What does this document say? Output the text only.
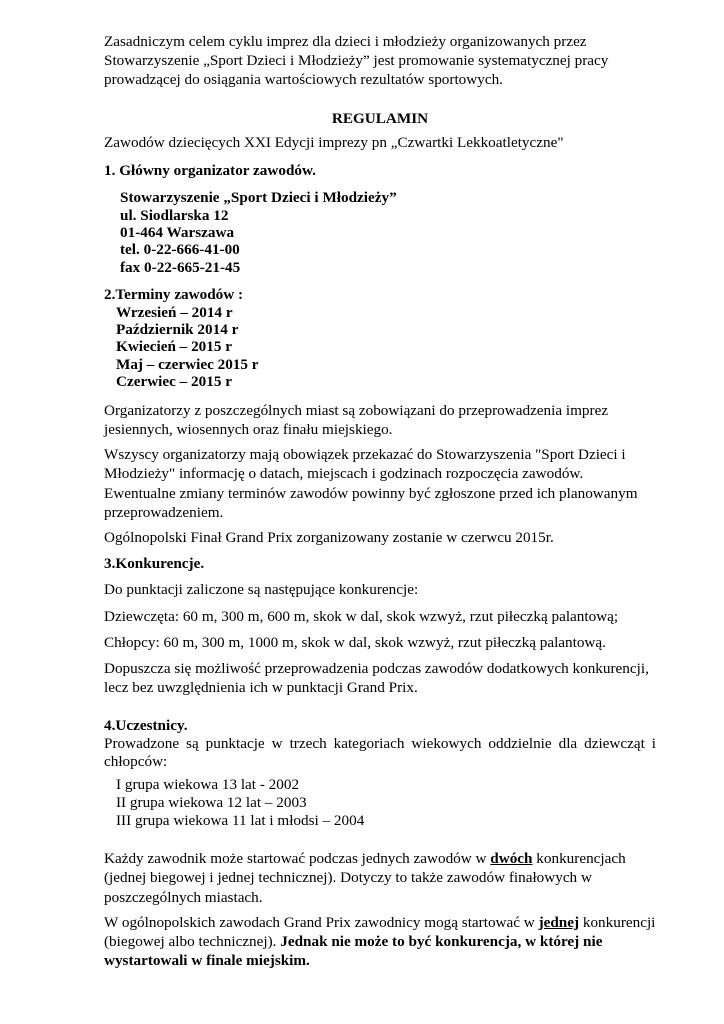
Zasadniczym celem cyklu imprez dla dzieci i młodzieży organizowanych przez Stowarzyszenie „Sport Dzieci i Młodzieży” jest promowanie systematycznej pracy prowadzącej do osiągania wartościowych rezultatów sportowych.

REGULAMIN

Zawodów dziecięcych XXI Edycji imprezy pn „Czwartki Lekkoatletyczne"

1. Główny organizator zawodów.

Stowarzyszenie „Sport Dzieci i Młodzieży”

ul. Siodlarska 12

01-464 Warszawa

tel. 0-22-666-41-00

fax 0-22-665-21-45

2.Terminy zawodów :

Wrzesień – 2014 r

Październik 2014 r

Kwiecień – 2015 r

Maj – czerwiec 2015 r

Czerwiec – 2015 r

Organizatorzy z poszczególnych miast są zobowiązani do przeprowadzenia imprez jesiennych, wiosennych oraz finału miejskiego.

Wszyscy organizatorzy mają obowiązek przekazać do Stowarzyszenia "Sport Dzieci i Młodzieży" informację o datach, miejscach i godzinach rozpoczęcia zawodów. Ewentualne zmiany terminów zawodów powinny być zgłoszone przed ich planowanym przeprowadzeniem.

Ogólnopolski Finał Grand Prix zorganizowany zostanie w czerwcu 2015r.

3.Konkurencje.

Do punktacji zaliczone są następujące konkurencje:

Dziewczęta: 60 m, 300 m, 600 m, skok w dal, skok wzwyż, rzut piłeczką palantową;

Chłopcy: 60 m, 300 m, 1000 m, skok w dal, skok wzwyż, rzut piłeczką palantową.

Dopuszcza się możliwość przeprowadzenia podczas zawodów dodatkowych konkurencji, lecz bez uwzględnienia ich w punktacji Grand Prix.

4.Uczestnicy.

Prowadzone są punktacje w trzech kategoriach wiekowych oddzielnie dla dziewcząt i chłopców:

I grupa wiekowa 13 lat - 2002

II grupa wiekowa 12 lat – 2003

III grupa wiekowa 11 lat i młodsi – 2004

Każdy zawodnik może startować podczas jednych zawodów w dwóch konkurencjach (jednej biegowej i jednej technicznej). Dotyczy to także zawodów finałowych w poszczególnych miastach.

W ogólnopolskich zawodach Grand Prix zawodnicy mogą startować w jednej konkurencji (biegowej albo technicznej). Jednak nie może to być konkurencja, w której nie wystartowali w finale miejskim.
